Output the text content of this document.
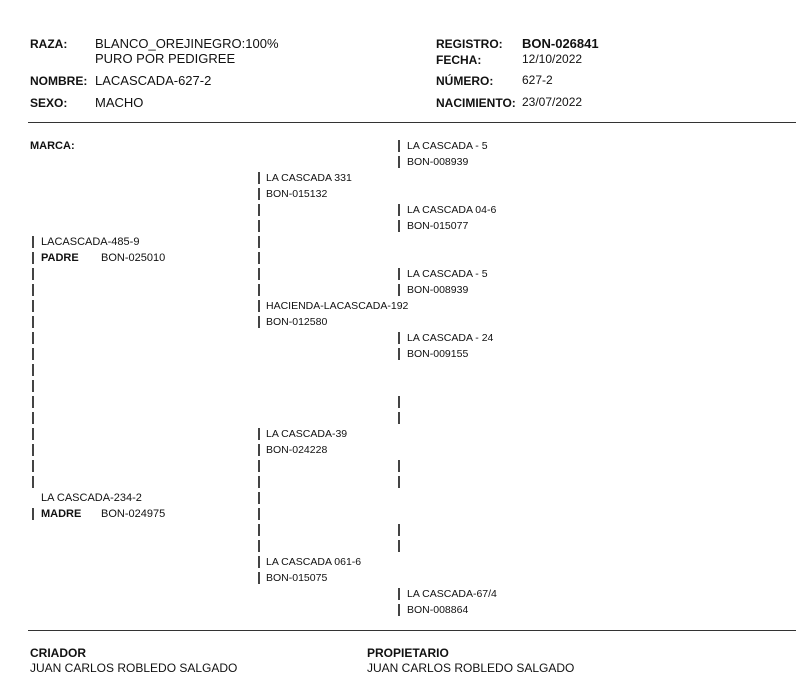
RAZA: BLANCO_OREJINEGRO:100%
PURO POR PEDIGREE
NOMBRE: LACASCADA-627-2
SEXO: MACHO
REGISTRO: BON-026841
FECHA:	12/10/2022
NÚMERO: 627-2
NACIMIENTO: 23/07/2022
MARCA:
LACASCADA-485-9
PADRE BON-025010
LA CASCADA-234-2
MADRE BON-024975
LA CASCADA 331
BON-015132
HACIENDA-LACASCADA-192
BON-012580
LA CASCADA-39
BON-024228
LA CASCADA 061-6
BON-015075
LA CASCADA - 5
BON-008939
LA CASCADA 04-6
BON-015077
LA CASCADA - 5
BON-008939
LA CASCADA - 24
BON-009155
LA CASCADA-67/4
BON-008864
CRIADOR
JUAN CARLOS ROBLEDO SALGADO
PROPIETARIO
JUAN CARLOS ROBLEDO SALGADO
